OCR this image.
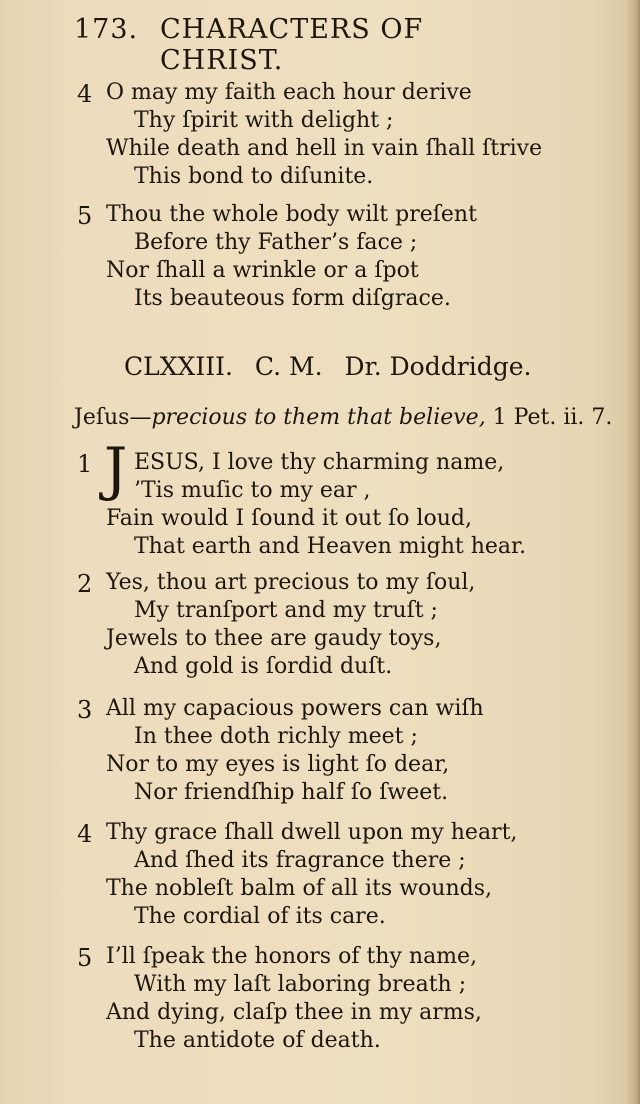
173. CHARACTERS OF CHRIST.
4 O may my faith each hour derive
Thy ſpirit with delight ;
While death and hell in vain ſhall ſtrive
This bond to diſunite.
5 Thou the whole body wilt preſent
Before thy Father’s face ;
Nor ſhall a wrinkle or a ſpot
Its beauteous form diſgrace.
CLXXIII. C. M. Dr. Doddridge.
Jeſus—precious to them that believe, 1 Pet. ii. 7.
1 ESUS, I love thy charming name,
’Tis muſic to my ear ,
Fain would I ſound it out ſo loud,
That earth and Heaven might hear.
J
2 Yes, thou art precious to my ſoul,
My tranſport and my truſt ;
Jewels to thee are gaudy toys,
And gold is ſordid duſt.
3 All my capacious powers can wiſh
In thee doth richly meet ;
Nor to my eyes is light ſo dear,
Nor friendſhip half ſo ſweet.
4 Thy grace ſhall dwell upon my heart,
And ſhed its fragrance there ;
The nobleſt balm of all its wounds,
The cordial of its care.
5 I’ll ſpeak the honors of thy name,
With my laſt laboring breath ;
And dying, claſp thee in my arms,
The antidote of death.
